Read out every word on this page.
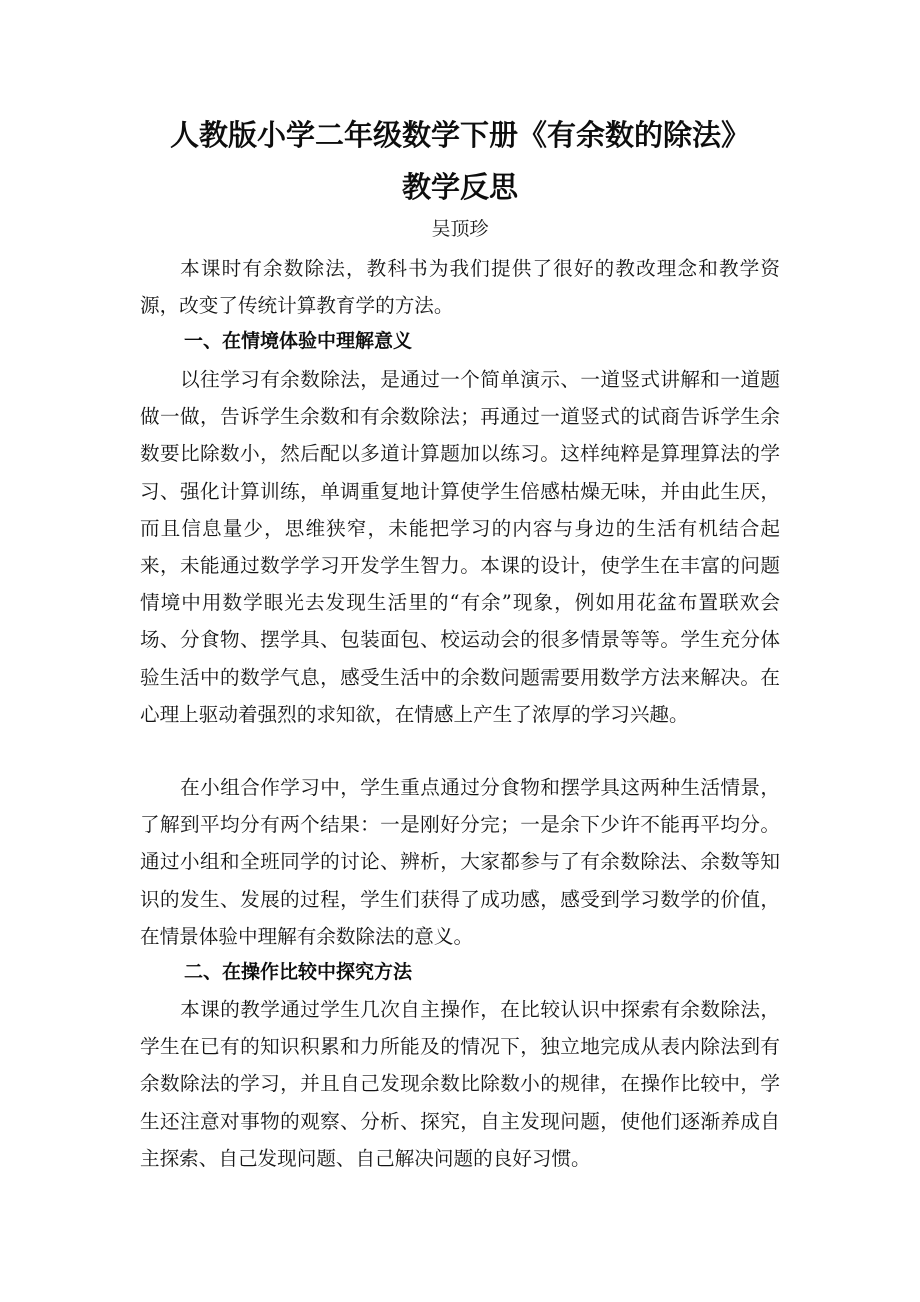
人教版小学二年级数学下册《有余数的除法》
教学反思
吴顶珍

本课时有余数除法，教科书为我们提供了很好的教改理念和教学资源，改变了传统计算教育学的方法。

一、在情境体验中理解意义

以往学习有余数除法，是通过一个简单演示、一道竖式讲解和一道题做一做，告诉学生余数和有余数除法；再通过一道竖式的试商告诉学生余数要比除数小，然后配以多道计算题加以练习。这样纯粹是算理算法的学习、强化计算训练，单调重复地计算使学生倍感枯燥无味，并由此生厌，而且信息量少，思维狭窄，未能把学习的内容与身边的生活有机结合起来，未能通过数学学习开发学生智力。本课的设计，使学生在丰富的问题情境中用数学眼光去发现生活里的“有余”现象，例如用花盆布置联欢会场、分食物、摆学具、包装面包、校运动会的很多情景等等。学生充分体验生活中的数学气息，感受生活中的余数问题需要用数学方法来解决。在心理上驱动着强烈的求知欲，在情感上产生了浓厚的学习兴趣。

在小组合作学习中，学生重点通过分食物和摆学具这两种生活情景，了解到平均分有两个结果：一是刚好分完；一是余下少许不能再平均分。通过小组和全班同学的讨论、辨析，大家都参与了有余数除法、余数等知识的发生、发展的过程，学生们获得了成功感，感受到学习数学的价值，在情景体验中理解有余数除法的意义。

二、在操作比较中探究方法

本课的教学通过学生几次自主操作，在比较认识中探索有余数除法，学生在已有的知识积累和力所能及的情况下，独立地完成从表内除法到有余数除法的学习，并且自己发现余数比除数小的规律，在操作比较中，学生还注意对事物的观察、分析、探究，自主发现问题，使他们逐渐养成自主探索、自己发现问题、自己解决问题的良好习惯。
